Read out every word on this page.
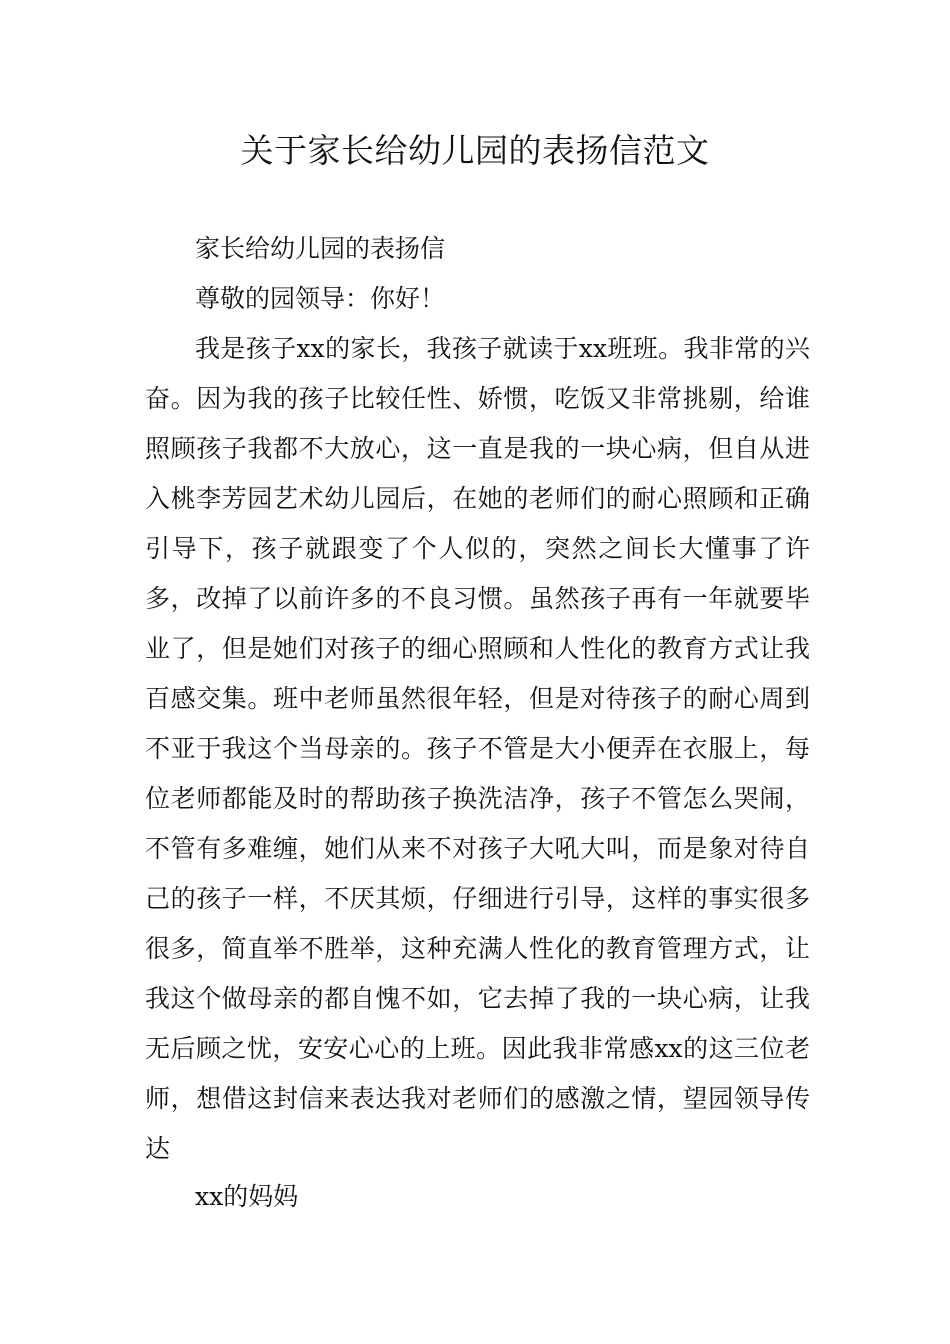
关于家长给幼儿园的表扬信范文

家长给幼儿园的表扬信

尊敬的园领导：你好！

我是孩子xx的家长，我孩子就读于xx班班。我非常的兴奋。因为我的孩子比较任性、娇惯，吃饭又非常挑剔，给谁照顾孩子我都不大放心，这一直是我的一块心病，但自从进入桃李芳园艺术幼儿园后，在她的老师们的耐心照顾和正确引导下，孩子就跟变了个人似的，突然之间长大懂事了许多，改掉了以前许多的不良习惯。虽然孩子再有一年就要毕业了，但是她们对孩子的细心照顾和人性化的教育方式让我百感交集。班中老师虽然很年轻，但是对待孩子的耐心周到不亚于我这个当母亲的。孩子不管是大小便弄在衣服上，每位老师都能及时的帮助孩子换洗洁净，孩子不管怎么哭闹，不管有多难缠，她们从来不对孩子大吼大叫，而是象对待自己的孩子一样，不厌其烦，仔细进行引导，这样的事实很多很多，简直举不胜举，这种充满人性化的教育管理方式，让我这个做母亲的都自愧不如，它去掉了我的一块心病，让我无后顾之忧，安安心心的上班。因此我非常感xx的这三位老师，想借这封信来表达我对老师们的感激之情，望园领导传达

xx的妈妈
